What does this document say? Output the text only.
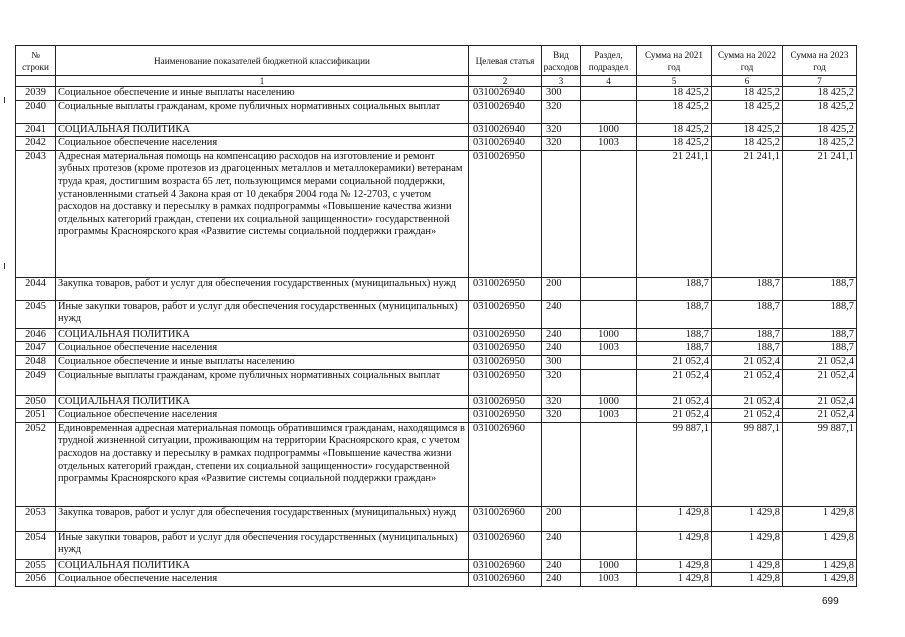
№ строки	Наименование показателей бюджетной классификации	Целевая статья	Вид расходов	Раздел, подраздел	Сумма на 2021 год	Сумма на 2022 год	Сумма на 2023 год
	1	2	3	4	5	6	7
2039	Социальное обеспечение и иные выплаты населению	0310026940	300		18 425,2	18 425,2	18 425,2
2040	Социальные выплаты гражданам, кроме публичных нормативных социальных выплат	0310026940	320		18 425,2	18 425,2	18 425,2
2041	СОЦИАЛЬНАЯ ПОЛИТИКА	0310026940	320	1000	18 425,2	18 425,2	18 425,2
2042	Социальное обеспечение населения	0310026940	320	1003	18 425,2	18 425,2	18 425,2
2043	Адресная материальная помощь на компенсацию расходов на изготовление и ремонт зубных протезов (кроме протезов из драгоценных металлов и металлокерамики) ветеранам труда края, достигшим возраста 65 лет, пользующимся мерами социальной поддержки, установленными статьей 4 Закона края от 10 декабря 2004 года № 12-2703, с учетом расходов на доставку и пересылку в рамках подпрограммы «Повышение качества жизни отдельных категорий граждан, степени их социальной защищенности» государственной программы Красноярского края «Развитие системы социальной поддержки граждан»	0310026950			21 241,1	21 241,1	21 241,1
2044	Закупка товаров, работ и услуг для обеспечения государственных (муниципальных) нужд	0310026950	200		188,7	188,7	188,7
2045	Иные закупки товаров, работ и услуг для обеспечения государственных (муниципальных) нужд	0310026950	240		188,7	188,7	188,7
2046	СОЦИАЛЬНАЯ ПОЛИТИКА	0310026950	240	1000	188,7	188,7	188,7
2047	Социальное обеспечение населения	0310026950	240	1003	188,7	188,7	188,7
2048	Социальное обеспечение и иные выплаты населению	0310026950	300		21 052,4	21 052,4	21 052,4
2049	Социальные выплаты гражданам, кроме публичных нормативных социальных выплат	0310026950	320		21 052,4	21 052,4	21 052,4
2050	СОЦИАЛЬНАЯ ПОЛИТИКА	0310026950	320	1000	21 052,4	21 052,4	21 052,4
2051	Социальное обеспечение населения	0310026950	320	1003	21 052,4	21 052,4	21 052,4
2052	Единовременная адресная материальная помощь обратившимся гражданам, находящимся в трудной жизненной ситуации, проживающим на территории Красноярского края, с учетом расходов на доставку и пересылку в рамках подпрограммы «Повышение качества жизни отдельных категорий граждан, степени их социальной защищенности» государственной программы Красноярского края «Развитие системы социальной поддержки граждан»	0310026960			99 887,1	99 887,1	99 887,1
2053	Закупка товаров, работ и услуг для обеспечения государственных (муниципальных) нужд	0310026960	200		1 429,8	1 429,8	1 429,8
2054	Иные закупки товаров, работ и услуг для обеспечения государственных (муниципальных) нужд	0310026960	240		1 429,8	1 429,8	1 429,8
2055	СОЦИАЛЬНАЯ ПОЛИТИКА	0310026960	240	1000	1 429,8	1 429,8	1 429,8
2056	Социальное обеспечение населения	0310026960	240	1003	1 429,8	1 429,8	1 429,8
699
